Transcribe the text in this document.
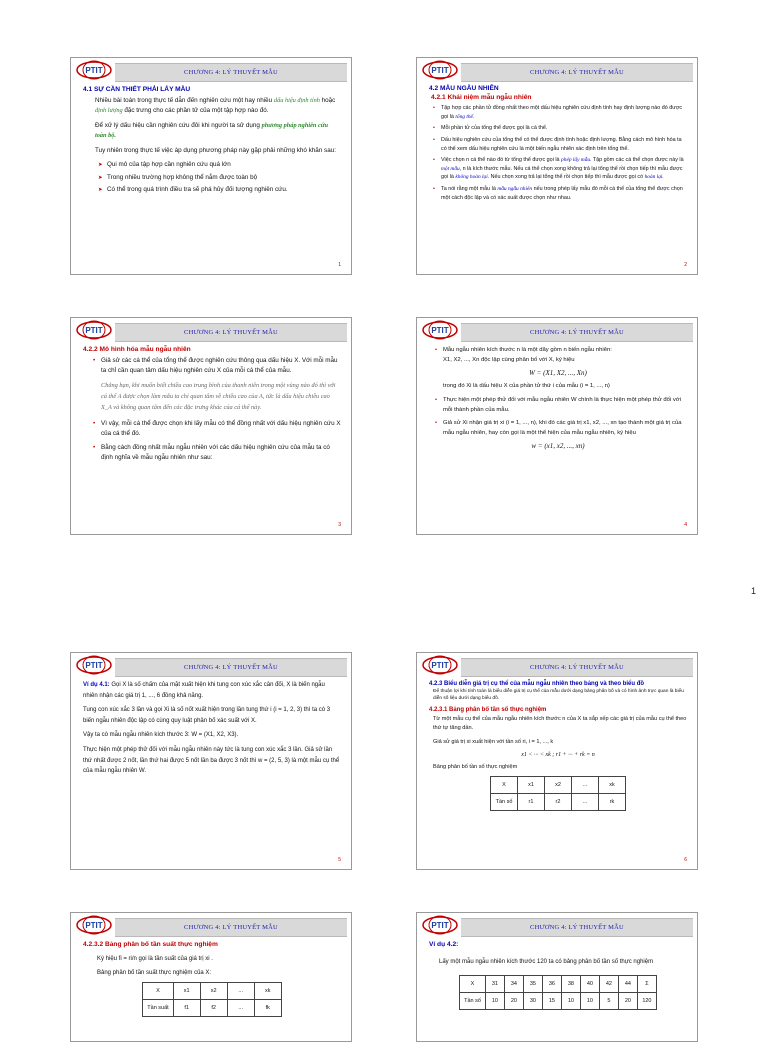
PTIT	CHƯƠNG 4: LÝ THUYẾT MẪU
4.1 SỰ CẦN THIẾT PHẢI LẤY MẪU

Nhiều bài toán trong thực tế dẫn đến nghiên cứu một hay nhiều dấu hiệu định tính hoặc định lượng đặc trưng cho các phần tử của một tập hợp nào đó.

Để xử lý dấu hiệu cần nghiên cứu đôi khi người ta sử dụng phương pháp nghiên cứu toàn bộ.

Tuy nhiên trong thực tế việc áp dụng phương pháp này gặp phải những khó khăn sau:

➤ Qui mô của tập hợp cần nghiên cứu quá lớn
➤ Trong nhiều trường hợp không thể nắm được toàn bộ
➤ Có thể trong quá trình điều tra sẽ phá hủy đối tượng nghiên cứu.
1
PTIT	CHƯƠNG 4: LÝ THUYẾT MẪU
4.2 MẪU NGẪU NHIÊN
4.2.1 Khái niệm mẫu ngẫu nhiên
• Tập hợp các phần tử đồng nhất theo một dấu hiệu nghiên cứu định tính hay định lượng nào đó được gọi là tổng thể.
• Mỗi phần tử của tổng thể được gọi là cá thể.
• Dấu hiệu nghiên cứu của tổng thể có thể được định tính hoặc định lượng. Bằng cách mô hình hóa ta có thể xem dấu hiệu nghiên cứu là một biến ngẫu nhiên xác định trên tổng thể.
• Việc chọn n cá thể nào đó từ tổng thể được gọi là phép lấy mẫu. Tập gồm các cá thể chọn được này là một mẫu, n là kích thước mẫu. Nếu cá thể chọn xong không trả lại tổng thể rồi chọn tiếp thì mẫu được gọi là không hoàn lại. Nếu chọn xong trả lại tổng thể rồi chọn tiếp thì mẫu được gọi có hoàn lại.
• Ta nói rằng một mẫu là mẫu ngẫu nhiên nếu trong phép lấy mẫu đó mỗi cá thể của tổng thể được chọn một cách độc lập và có xác suất được chọn như nhau.
2
PTIT	CHƯƠNG 4: LÝ THUYẾT MẪU
4.2.2 Mô hình hóa mẫu ngẫu nhiên
• Giả sử các cá thể của tổng thể được nghiên cứu thông qua dấu hiệu X. Với mỗi mẫu ta chỉ cần quan tâm dấu hiệu nghiên cứu X của mỗi cá thể của mẫu.

Chẳng hạn, khi muốn biết chiều cao trung bình của thanh niên trong một vùng nào đó thì với cá thể A được chọn làm mẫu ta chỉ quan tâm về chiều cao của A, tức là dấu hiệu chiều cao X_A và không quan tâm đến các đặc trưng khác của cá thể này.

• Vì vậy, mỗi cá thể được chọn khi lấy mẫu có thể đồng nhất với dấu hiệu nghiên cứu X của cá thể đó.
• Bằng cách đồng nhất mẫu ngẫu nhiên với các dấu hiệu nghiên cứu của mẫu ta có định nghĩa về mẫu ngẫu nhiên như sau:
3
PTIT	CHƯƠNG 4: LÝ THUYẾT MẪU
• Mẫu ngẫu nhiên kích thước n là một dãy gồm n biến ngẫu nhiên:
X1, X2, ..., Xn độc lập cùng phân bố với X, ký hiệu
W = (X1, X2, ..., Xn)

trong đó Xi là dấu hiệu X của phần tử thứ i của mẫu (i = 1, ..., n)

• Thực hiện một phép thử đối với mẫu ngẫu nhiên W chính là thực hiện một phép thử đối với mỗi thành phần của mẫu.
• Giả sử Xi nhận giá trị xi (i = 1, ..., n), khi đó các giá trị x1, x2, ..., xn tạo thành một giá trị của mẫu ngẫu nhiên, hay còn gọi là một thể hiện của mẫu ngẫu nhiên, ký hiệu
w = (x1, x2, ..., xn)
4
1
PTIT	CHƯƠNG 4: LÝ THUYẾT MẪU

Ví dụ 4.1: Gọi X là số chấm của mặt xuất hiện khi tung con xúc xắc cân đối, X là biến ngẫu nhiên nhận các giá trị 1, ..., 6 đồng khả năng.

Tung con xúc xắc 3 lần và gọi Xi là số nốt xuất hiện trong lần tung thứ i (i = 1, 2, 3) thì ta có 3 biến ngẫu nhiên độc lập có cùng quy luật phân bố xác suất với X.

Vậy ta có mẫu ngẫu nhiên kích thước 3: W = (X1, X2, X3).

Thực hiện một phép thử đối với mẫu ngẫu nhiên này tức là tung con xúc xắc 3 lần. Giả sử lần thứ nhất được 2 nốt, lần thứ hai được 5 nốt lần ba được 3 nốt thì w = (2, 5, 3) là một mẫu cụ thể của mẫu ngẫu nhiên W.

5
PTIT	CHƯƠNG 4: LÝ THUYẾT MẪU
4.2.3 Biểu diễn giá trị cụ thể của mẫu ngẫu nhiên theo bảng và theo biểu đồ

Để thuận lợi khi tính toán là biểu diễn giá trị cụ thể của mẫu dưới dạng bảng phân bố và có hình ảnh trực quan là biểu diễn số liệu dưới dạng biểu đồ.

4.2.3.1 Bảng phân bố tần số thực nghiệm

Từ một mẫu cụ thể của mẫu ngẫu nhiên kích thước n của X ta sắp xếp các giá trị của mẫu cụ thể theo thứ tự tăng dần.

Giả sử giá trị xi xuất hiện với tần số ri, i = 1, ..., k

x1 < ··· < xk ; r1 + ··· + rk = n

Bảng phân bố tần số thực nghiệm

X	x1	x2	...	xk
Tần số	r1	r2	...	rk
6
PTIT	CHƯƠNG 4: LÝ THUYẾT MẪU
4.2.3.2 Bảng phân bố tần suất thực nghiệm

Ký hiệu fi = ri/n gọi là tần suất của giá trị xi .

Bảng phân bố tần suất thực nghiệm của X:

X	x1	x2	...	xk
Tần suất	f1	f2	...	fk
PTIT	CHƯƠNG 4: LÝ THUYẾT MẪU
Ví dụ 4.2:

Lấy một mẫu ngẫu nhiên kích thước 120 ta có bảng phân bố tần số thực nghiệm

X	31	34	35	36	38	40	42	44	Σ
Tần số	10	20	30	15	10	10	5	20	120
